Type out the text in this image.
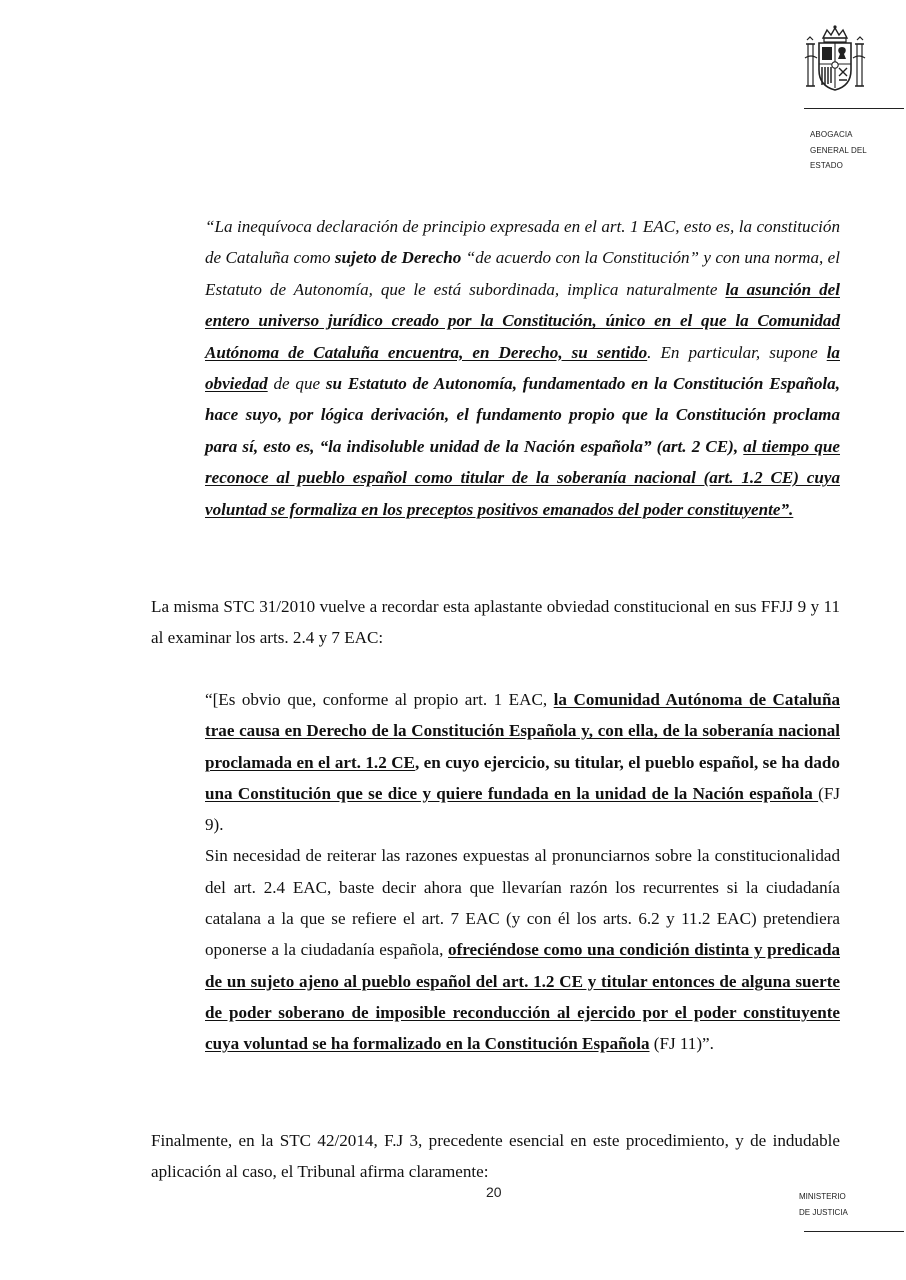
ABOGACIA
GENERAL DEL
ESTADO

“La inequívoca declaración de principio expresada en el art. 1 EAC, esto es, la constitución de Cataluña como sujeto de Derecho “de acuerdo con la Constitución” y con una norma, el Estatuto de Autonomía, que le está subordinada, implica naturalmente la asunción del entero universo jurídico creado por la Constitución, único en el que la Comunidad Autónoma de Cataluña encuentra, en Derecho, su sentido. En particular, supone la obviedad de que su Estatuto de Autonomía, fundamentado en la Constitución Española, hace suyo, por lógica derivación, el fundamento propio que la Constitución proclama para sí, esto es, “la indisoluble unidad de la Nación española” (art. 2 CE), al tiempo que reconoce al pueblo español como titular de la soberanía nacional (art. 1.2 CE) cuya voluntad se formaliza en los preceptos positivos emanados del poder constituyente”.

La misma STC 31/2010 vuelve a recordar esta aplastante obviedad constitucional en sus FFJJ 9 y 11 al examinar los arts. 2.4 y 7 EAC:

“[Es obvio que, conforme al propio art. 1 EAC, la Comunidad Autónoma de Cataluña trae causa en Derecho de la Constitución Española y, con ella, de la soberanía nacional proclamada en el art. 1.2 CE, en cuyo ejercicio, su titular, el pueblo español, se ha dado una Constitución que se dice y quiere fundada en la unidad de la Nación española (FJ 9).
Sin necesidad de reiterar las razones expuestas al pronunciarnos sobre la constitucionalidad del art. 2.4 EAC, baste decir ahora que llevarían razón los recurrentes si la ciudadanía catalana a la que se refiere el art. 7 EAC (y con él los arts. 6.2 y 11.2 EAC) pretendiera oponerse a la ciudadanía española, ofreciéndose como una condición distinta y predicada de un sujeto ajeno al pueblo español del art. 1.2 CE y titular entonces de alguna suerte de poder soberano de imposible reconducción al ejercido por el poder constituyente cuya voluntad se ha formalizado en la Constitución Española (FJ 11)”.

Finalmente, en la STC 42/2014, F.J 3, precedente esencial en este procedimiento, y de indudable aplicación al caso, el Tribunal afirma claramente:

20	MINISTERIO
DE JUSTICIA
